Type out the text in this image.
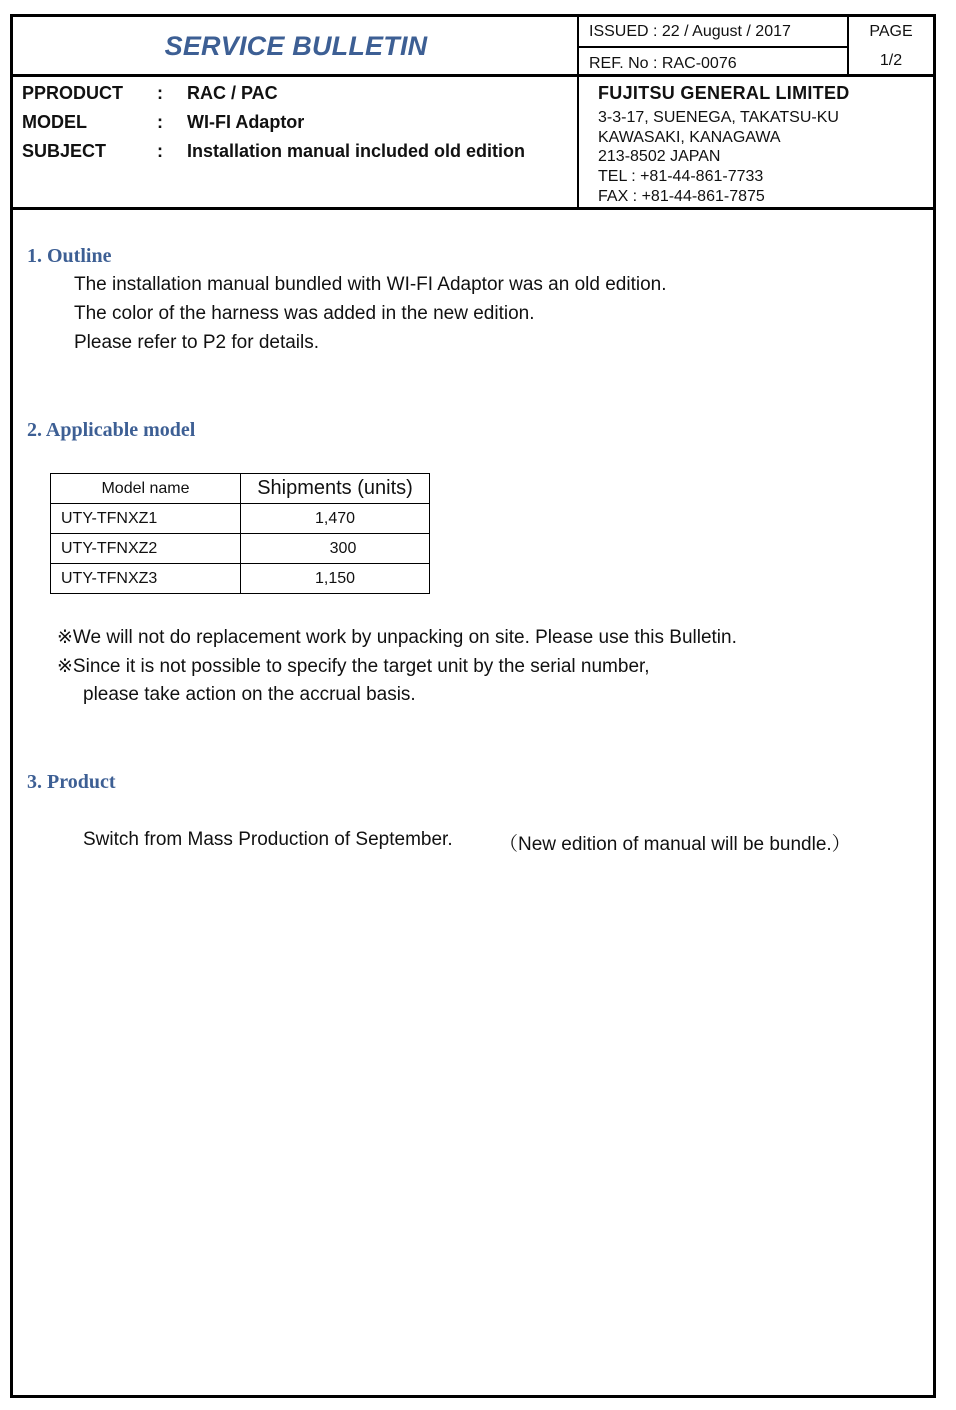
SERVICE BULLETIN	ISSUED : 22 / August / 2017
REF. No : RAC-0076
PAGE
1/2
PPRODUCT	: RAC / PAC
MODEL	: WI-FI Adaptor
SUBJECT	: Installation manual included old edition
FUJITSU GENERAL LIMITED
3-3-17, SUENEGA, TAKATSU-KU
KAWASAKI, KANAGAWA
213-8502 JAPAN
TEL : +81-44-861-7733
FAX : +81-44-861-7875
1. Outline
The installation manual bundled with WI-FI Adaptor was an old edition.
The color of the harness was added in the new edition.
Please refer to P2 for details.
2. Applicable model
Model name	Shipments (units)
UTY-TFNXZ1	1,470
UTY-TFNXZ2	300
UTY-TFNXZ3	1,150
※We will not do replacement work by unpacking on site. Please use this Bulletin.
※Since it is not possible to specify the target unit by the serial number,
please take action on the accrual basis.
3. Product
Switch from Mass Production of September. （New edition of manual will be bundle.）
